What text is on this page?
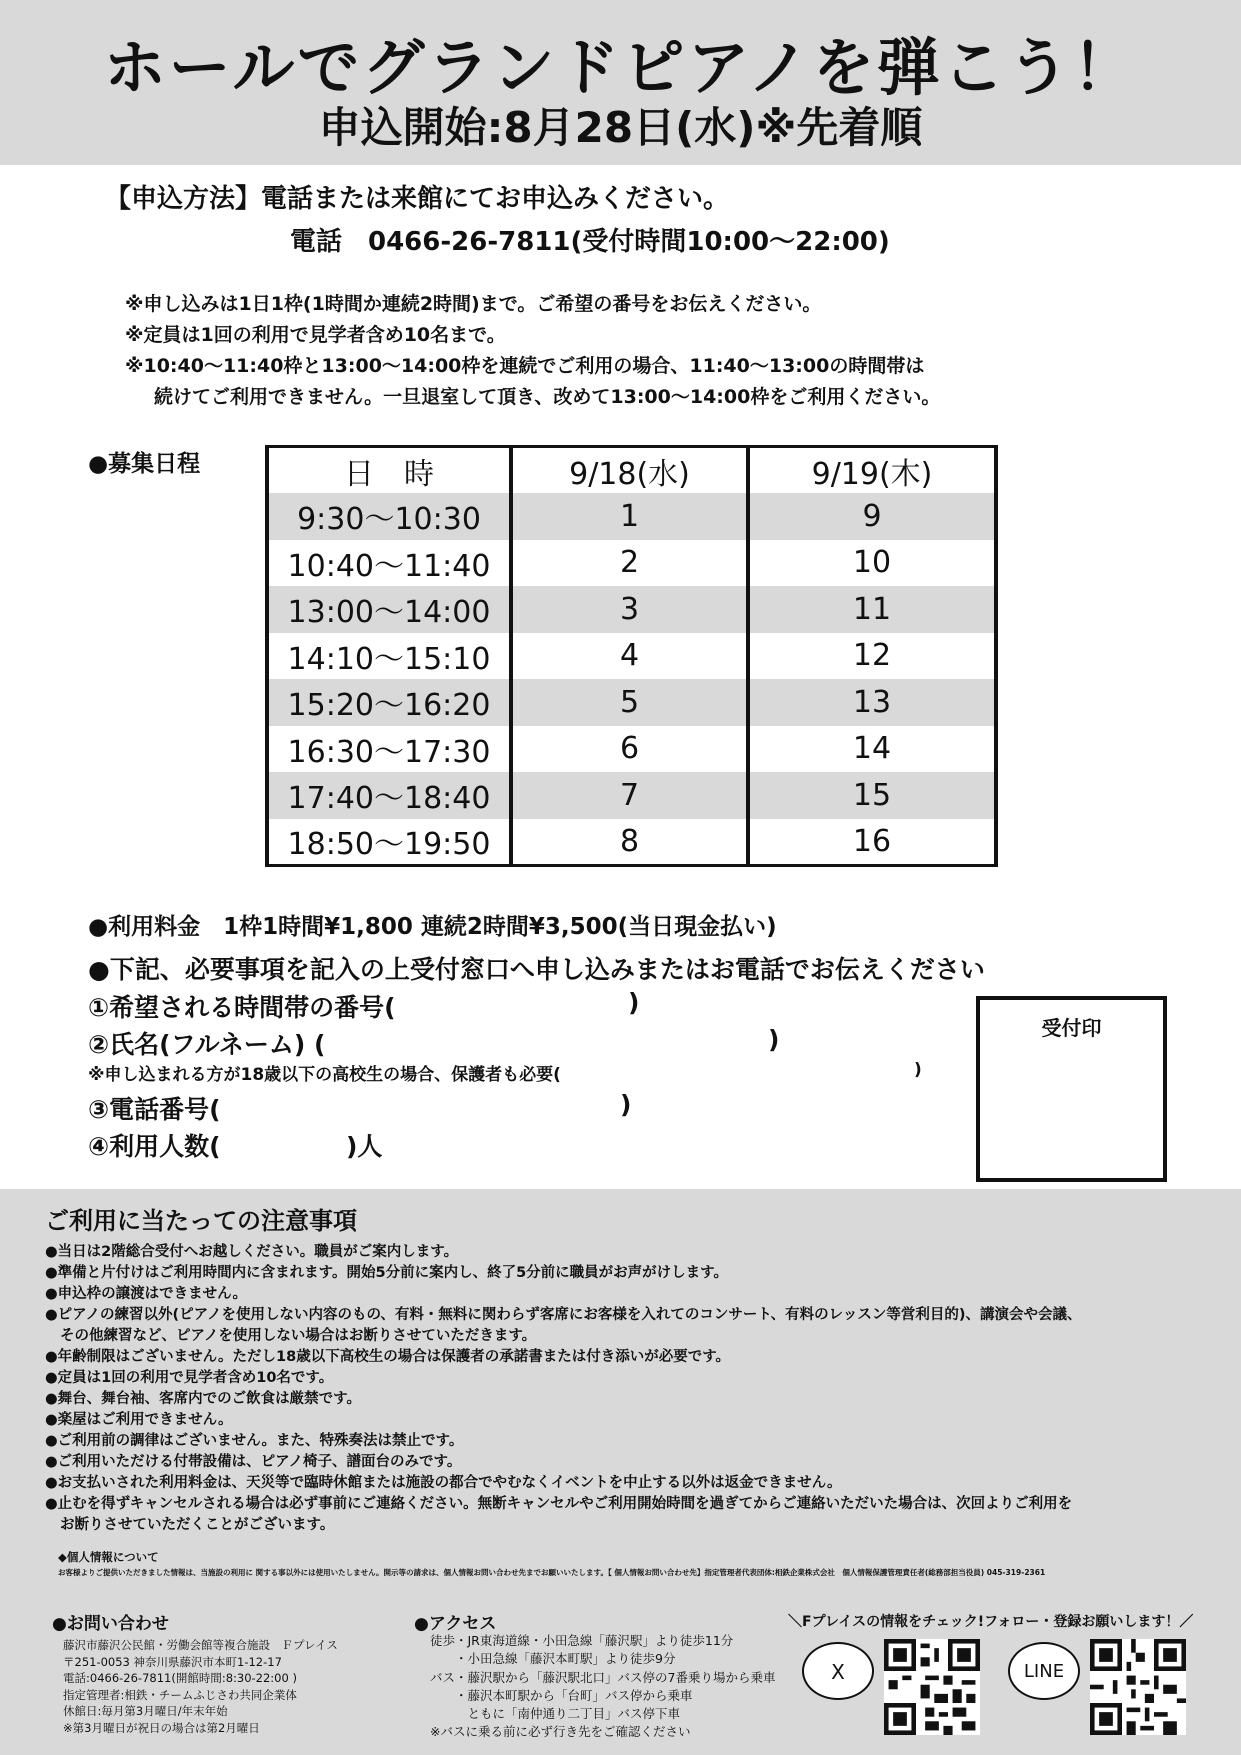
ホールでグランドピアノを弾こう！
申込開始:8月28日(水)※先着順
【申込方法】電話または来館にてお申込みください。
電話　0466-26-7811(受付時間10:00～22:00)
※申し込みは1日1枠(1時間か連続2時間)まで。ご希望の番号をお伝えください。
※定員は1回の利用で見学者含め10名まで。
※10:40～11:40枠と13:00～14:00枠を連続でご利用の場合、11:40～13:00の時間帯は
続けてご利用できません。一旦退室して頂き、改めて13:00～14:00枠をご利用ください。
●募集日程	日　時	9/18(水)	9/19(木)
9:30～10:30	1	9
10:40～11:40	2	10
13:00～14:00	3	11
14:10～15:10	4	12
15:20～16:20	5	13
16:30～17:30	6	14
17:40～18:40	7	15
18:50～19:50	8	16
●利用料金　1枠1時間¥1,800 連続2時間¥3,500(当日現金払い)
●下記、必要事項を記入の上受付窓口へ申し込みまたはお電話でお伝えください
①希望される時間帯の番号(	)
②氏名(フルネーム) (	)
※申し込まれる方が18歳以下の高校生の場合、保護者も必要(	)
③電話番号(	)
④利用人数(	)人
受付印
ご利用に当たっての注意事項
●当日は2階総合受付へお越しください。職員がご案内します。
●準備と片付けはご利用時間内に含まれます。開始5分前に案内し、終了5分前に職員がお声がけします。
●申込枠の譲渡はできません。
●ピアノの練習以外(ピアノを使用しない内容のもの、有料・無料に関わらず客席にお客様を入れてのコンサート、有料のレッスン等営利目的)、講演会や会議、
その他練習など、ピアノを使用しない場合はお断りさせていただきます。
●年齢制限はございません。ただし18歳以下高校生の場合は保護者の承諾書または付き添いが必要です。
●定員は1回の利用で見学者含め10名です。
●舞台、舞台袖、客席内でのご飲食は厳禁です。
●楽屋はご利用できません。
●ご利用前の調律はございません。また、特殊奏法は禁止です。
●ご利用いただける付帯設備は、ピアノ椅子、譜面台のみです。
●お支払いされた利用料金は、天災等で臨時休館または施設の都合でやむなくイベントを中止する以外は返金できません。
●止むを得ずキャンセルされる場合は必ず事前にご連絡ください。無断キャンセルやご利用開始時間を過ぎてからご連絡いただいた場合は、次回よりご利用を
お断りさせていただくことがございます。
◆個人情報について
お客様よりご提供いただきました情報は、当施設の利用に 関する事以外には使用いたしません。開示等の請求は、個人情報お問い合わせ先までお願いいたします。【 個人情報お問い合わせ先】指定管理者代表団体:相鉄企業株式会社　個人情報保護管理責任者(総務部担当役員) 045-319-2361
●お問い合わせ
藤沢市藤沢公民館・労働会館等複合施設　Ｆプレイス
〒251-0053 神奈川県藤沢市本町1-12-17
電話:0466-26-7811(開館時間:8:30-22:00 )
指定管理者:相鉄・チームふじさわ共同企業体
休館日:毎月第3月曜日/年末年始
※第3月曜日が祝日の場合は第2月曜日
●アクセス
徒歩・JR東海道線・小田急線「藤沢駅」より徒歩11分
　　・小田急線「藤沢本町駅」より徒歩9分
バス・藤沢駅から「藤沢駅北口」バス停の7番乗り場から乗車
　　・藤沢本町駅から「台町」バス停から乗車
　　　ともに「南仲通り二丁目」バス停下車
※バスに乗る前に必ず行き先をご確認ください
＼Fプレイスの情報をチェック!フォロー・登録お願いします！／
X	LINE
